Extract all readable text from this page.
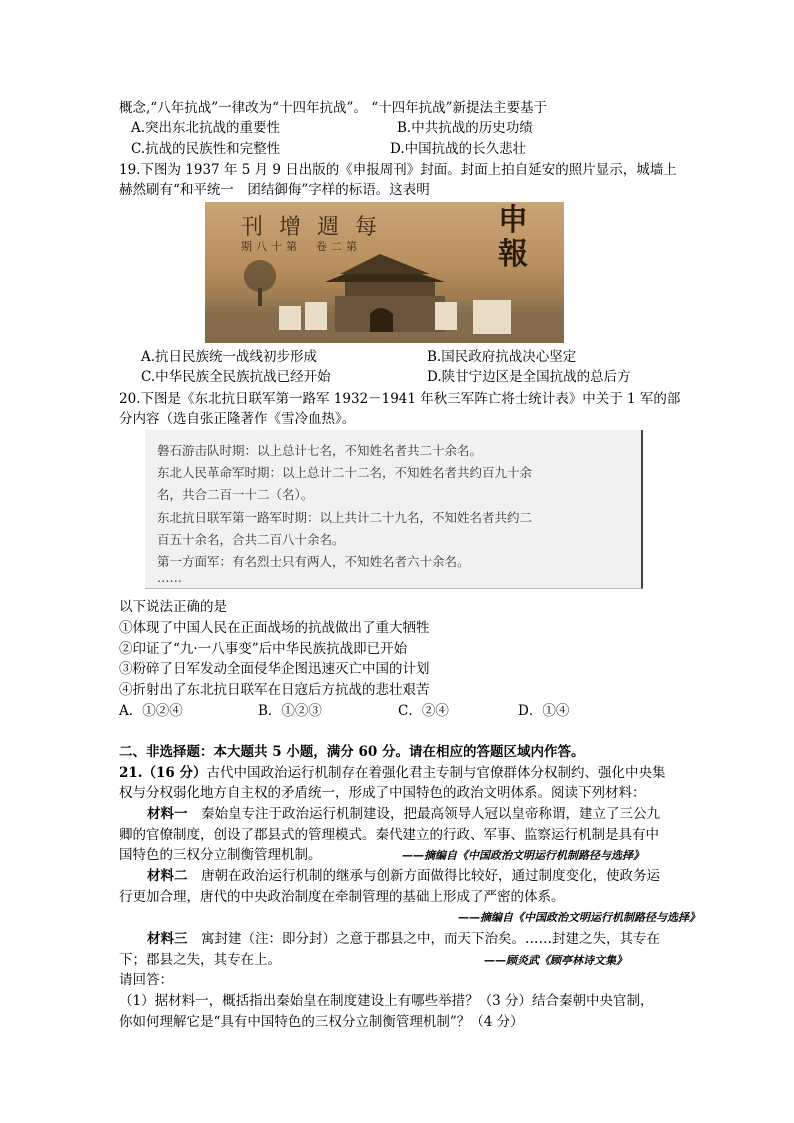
概念,“八年抗战”一律改为“十四年抗战”。 “十四年抗战”新提法主要基于
A.突出东北抗战的重要性	B.中共抗战的历史功绩
C.抗战的民族性和完整性	D.中国抗战的长久悲壮
19.下图为 1937 年 5 月 9 日出版的《申报周刊》封面。封面上拍自延安的照片显示，城墙上
赫然刷有“和平统一　团结御侮”字样的标语。这表明
刊增週每
期八十第　卷二第
申報
A.抗日民族统一战线初步形成	B.国民政府抗战决心坚定
C.中华民族全民族抗战已经开始	D.陕甘宁边区是全国抗战的总后方
20.下图是《东北抗日联军第一路军 1932－1941 年秋三军阵亡将士统计表》中关于 1 军的部
分内容（选自张正隆著作《雪冷血热》。
磐石游击队时期：以上总计七名，不知姓名者共二十余名。
东北人民革命军时期：以上总计二十二名，不知姓名者共约百九十余
名，共合二百一十二（名）。
东北抗日联军第一路军时期：以上共计二十九名，不知姓名者共约二
百五十余名，合共二百八十余名。
第一方面军：有名烈士只有两人，不知姓名者六十余名。
……
以下说法正确的是
①体现了中国人民在正面战场的抗战做出了重大牺牲
②印证了“九·一八事变”后中华民族抗战即已开始
③粉碎了日军发动全面侵华企图迅速灭亡中国的计划
④折射出了东北抗日联军在日寇后方抗战的悲壮艰苦
A．①②④	B．①②③	C．②④	D．①④
二、非选择题：本大题共 5 小题，满分 60 分。请在相应的答题区域内作答。
21.（16 分）古代中国政治运行机制存在着强化君主专制与官僚群体分权制约、强化中央集
权与分权弱化地方自主权的矛盾统一，形成了中国特色的政治文明体系。阅读下列材料：
材料一　 秦始皇专注于政治运行机制建设，把最高领导人冠以皇帝称谓，建立了三公九
卿的官僚制度，创设了郡县式的管理模式。秦代建立的行政、军事、监察运行机制是具有中
国特色的三权分立制衡管理机制。	——摘编自《中国政治文明运行机制路径与选择》
材料二　 唐朝在政治运行机制的继承与创新方面做得比较好，通过制度变化，使政务运
行更加合理，唐代的中央政治制度在牵制管理的基础上形成了严密的体系。
——摘编自《中国政治文明运行机制路径与选择》
材料三　 寓封建（注：即分封）之意于郡县之中，而天下治矣。……封建之失，其专在
下；郡县之失，其专在上。	——顾炎武《顾亭林诗文集》
请回答：
（1）据材料一，概括指出秦始皇在制度建设上有哪些举措？（3 分）结合秦朝中央官制，
你如何理解它是“具有中国特色的三权分立制衡管理机制”？（4 分）
